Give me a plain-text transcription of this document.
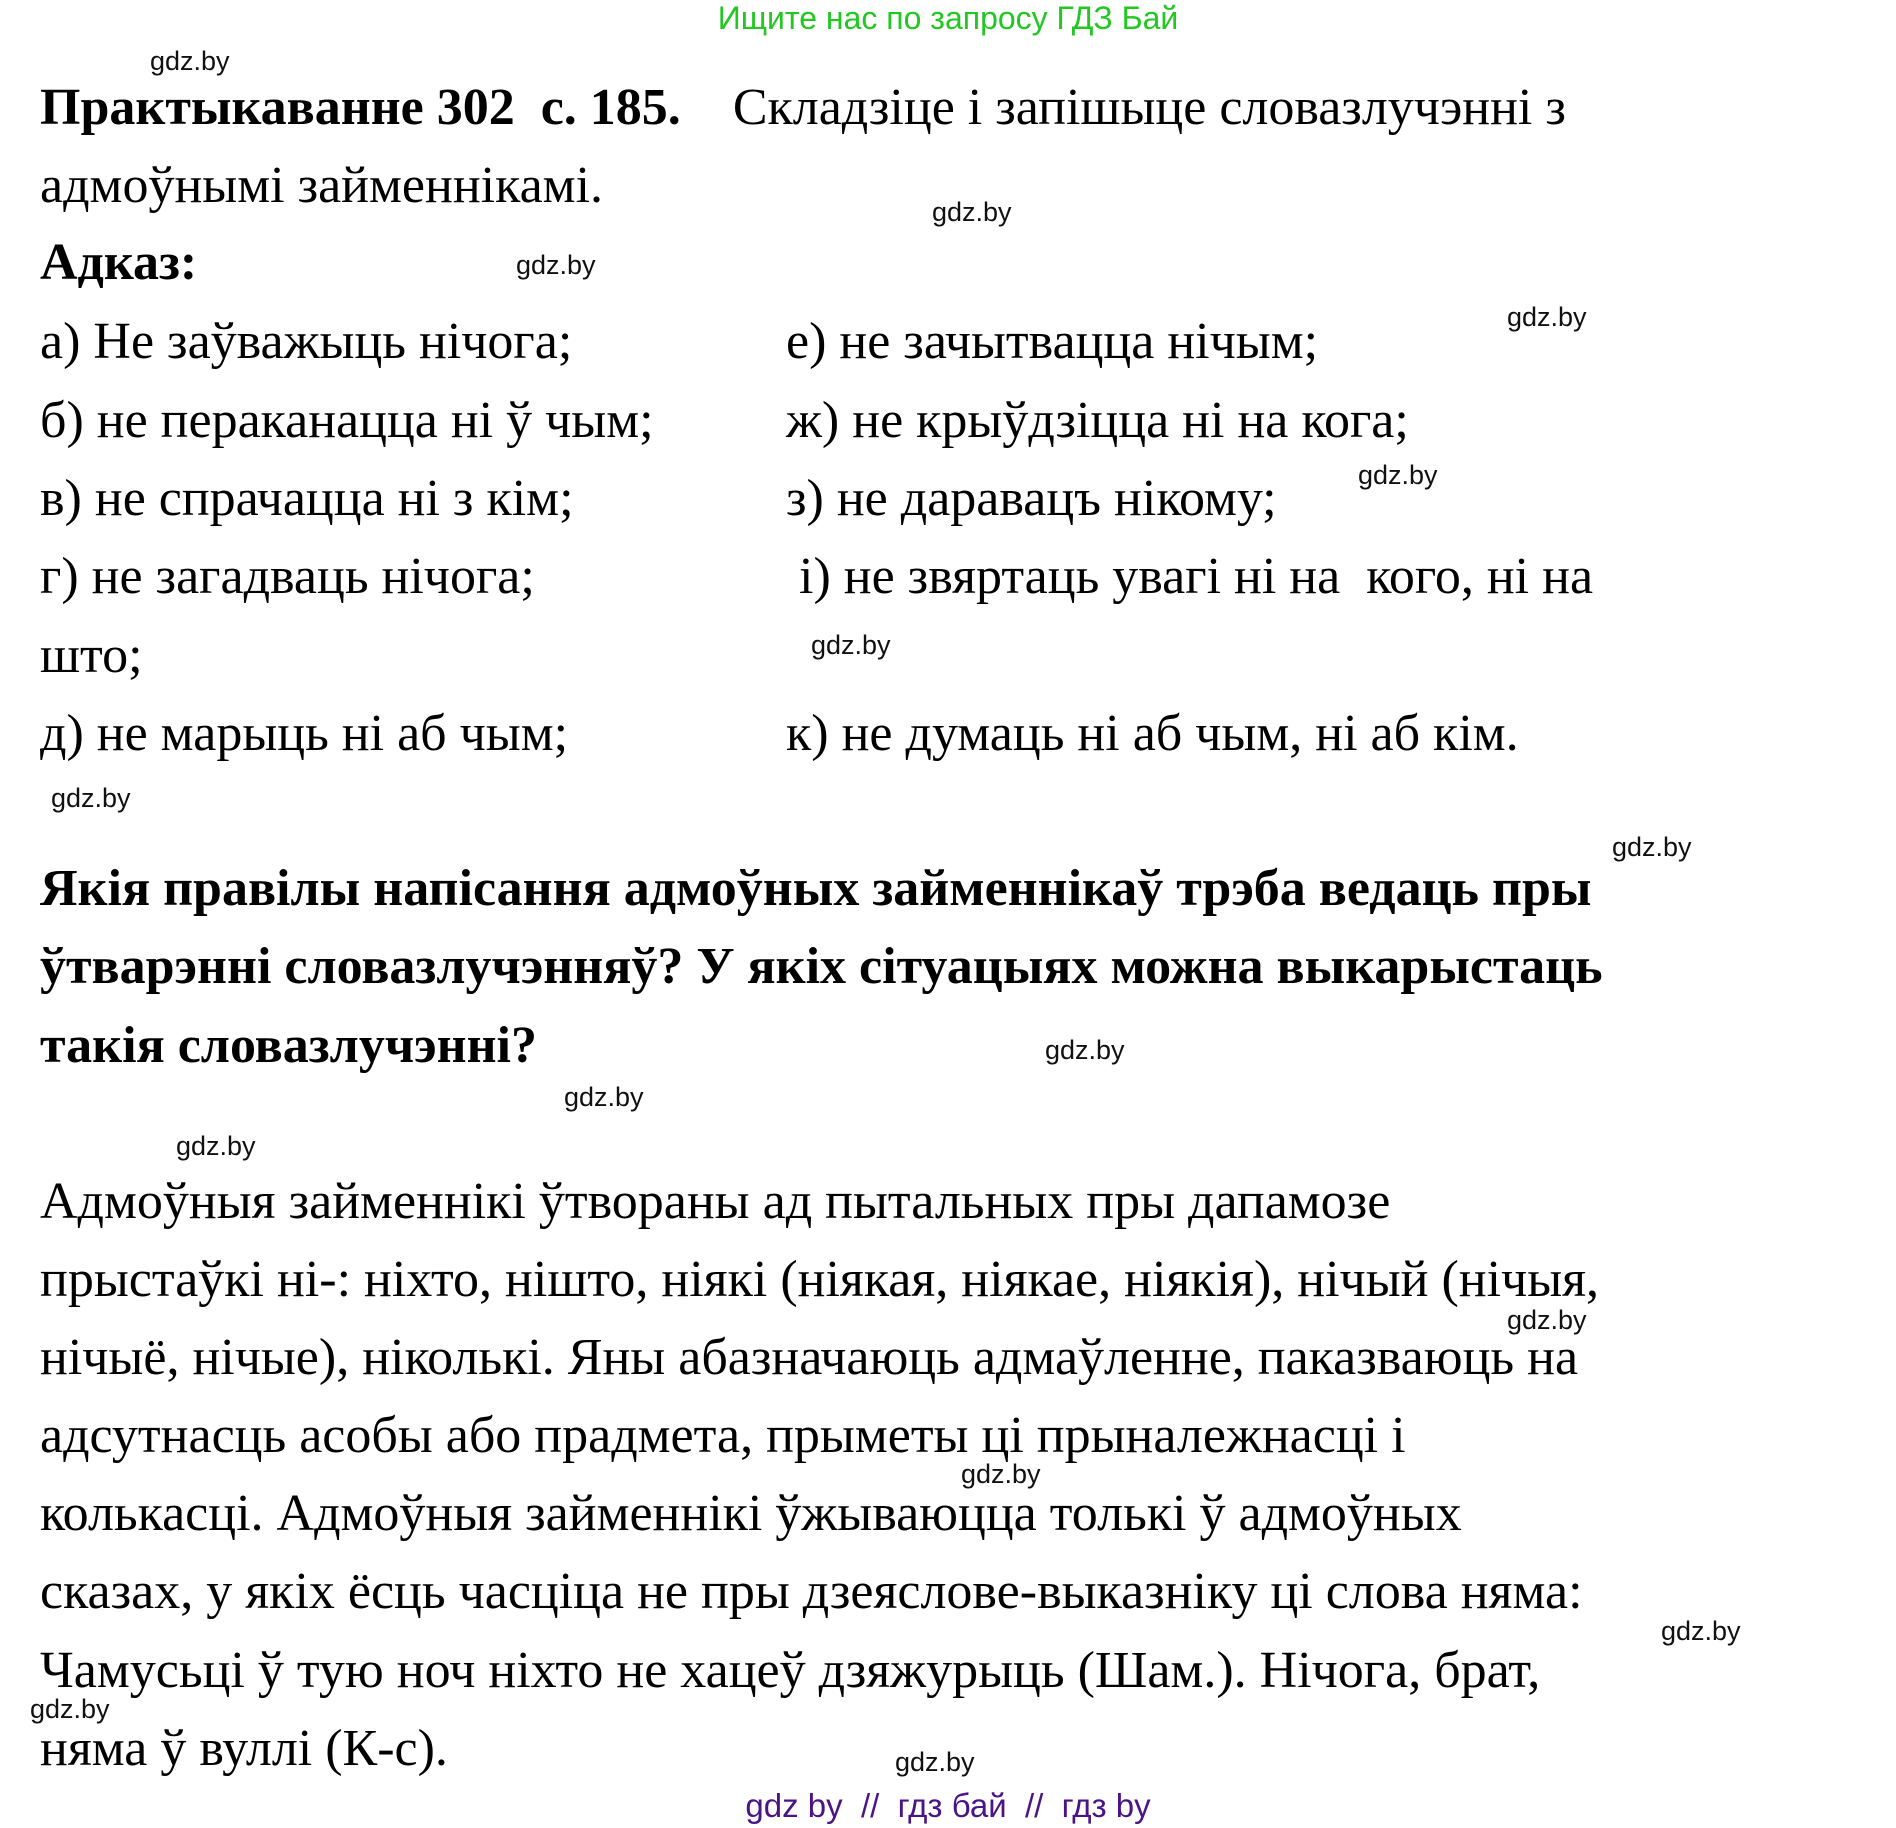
Ищите нас по запросу ГДЗ Бай
Практыкаванне 302  с. 185. Складзіце і запішыце словазлучэнні з
адмоўнымі займеннікамі.
Адказ:
а) Не заўважыць нічога;
б) не пераканацца ні ў чым;
в) не спрачацца ні з кім;
г) не загадваць нічога;
што;
д) не марыць ні аб чым;
е) не зачытвацца нічым;
ж) не крыўдзіцца ні на кога;
з) не даравацъ нікому;
і) не звяртаць увагі ні на  кого, ні на
к) не думаць ні аб чым, ні аб кім.
Якія правілы напісання адмоўных займеннікаў трэба ведаць пры
ўтварэнні словазлучэнняў? У якіх сітуацыях можна выкарыстаць
такія словазлучэнні?
Адмоўныя займеннікі ўтвораны ад пытальных пры дапамозе
прыстаўкі ні-: ніхто, нішто, ніякі (ніякая, ніякае, ніякія), нічый (нічыя,
нічыё, нічые), ніколькі. Яны абазначаюць адмаўленне, паказваюць на
адсутнасць асобы або прадмета, прыметы ці прыналежнасці і
колькасці. Адмоўныя займеннікі ўжываюцца толькі ў адмоўных
сказах, у якіх ёсць часціца не пры дзеяслове-выказніку ці слова няма:
Чамусьці ў тую ноч ніхто не хацеў дзяжурыць (Шам.). Нічога, брат,
няма ў вуллі (К-с).
gdz.by
gdz.by
gdz.by
gdz.by
gdz.by
gdz.by
gdz.by
gdz.by
gdz.by
gdz.by
gdz.by
gdz.by
gdz.by
gdz.by
gdz.by
gdz.by
gdz by  //  гдз бай  //  гдз by
